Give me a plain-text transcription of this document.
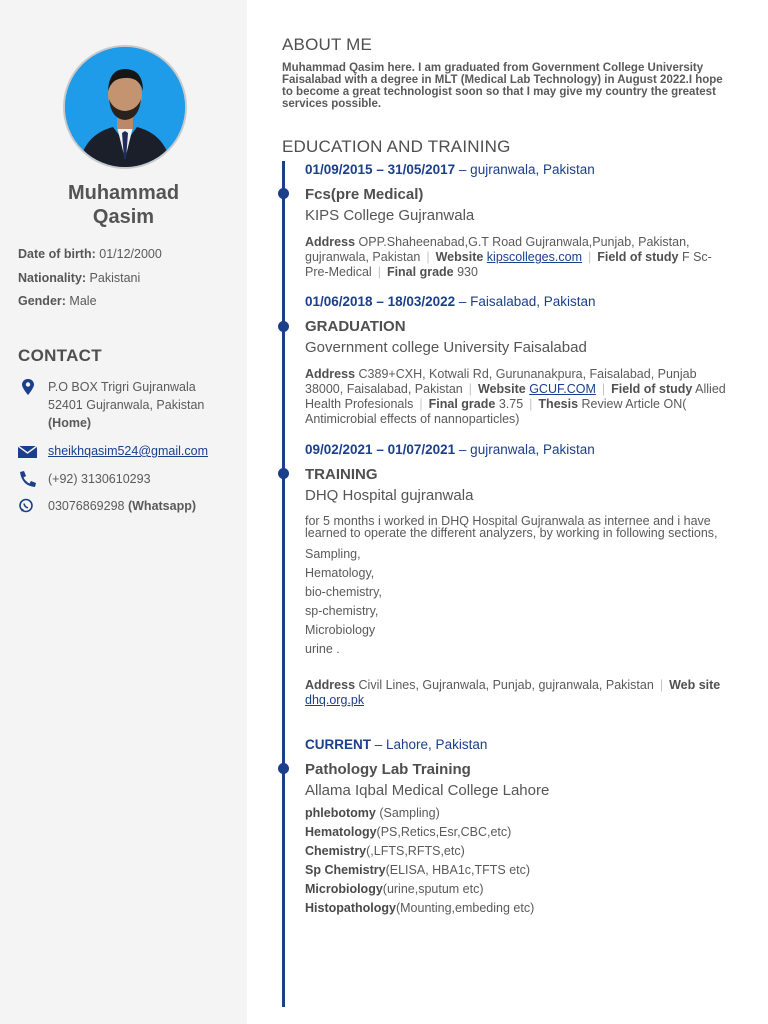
Muhammad
Qasim
Date of birth: 01/12/2000
Nationality: Pakistani
Gender: Male
CONTACT
P.O BOX Trigri Gujranwala
52401 Gujranwala, Pakistan
(Home)
sheikhqasim524@gmail.com
(+92) 3130610293
03076869298 (Whatsapp)
ABOUT ME
Muhammad Qasim here. I am graduated from Government College University Faisalabad with a degree in MLT (Medical Lab Technology) in August 2022.I hope to become a great technologist soon so that I may give my country the greatest services possible.
EDUCATION AND TRAINING
01/09/2015 – 31/05/2017 – gujranwala, Pakistan
Fcs(pre Medical)
KIPS College Gujranwala
Address OPP.Shaheenabad,G.T Road Gujranwala,Punjab, Pakistan, gujranwala, Pakistan | Website kipscolleges.com | Field of study F Sc-Pre-Medical | Final grade 930
01/06/2018 – 18/03/2022 – Faisalabad, Pakistan
GRADUATION
Government college University Faisalabad
Address C389+CXH, Kotwali Rd, Gurunanakpura, Faisalabad, Punjab 38000, Faisalabad, Pakistan | Website GCUF.COM | Field of study Allied Health Profesionals | Final grade 3.75 | Thesis Review Article ON( Antimicrobial effects of nannoparticles)
09/02/2021 – 01/07/2021 – gujranwala, Pakistan
TRAINING
DHQ Hospital gujranwala
for 5 months i worked in DHQ Hospital Gujranwala as internee and i have learned to operate the different analyzers, by working in following sections,
Sampling,
Hematology,
bio-chemistry,
sp-chemistry,
Microbiology
urine .
Address Civil Lines, Gujranwala, Punjab, gujranwala, Pakistan | Web site dhq.org.pk
CURRENT – Lahore, Pakistan
Pathology Lab Training
Allama Iqbal Medical College Lahore
phlebotomy (Sampling)
Hematology(PS,Retics,Esr,CBC,etc)
Chemistry(,LFTS,RFTS,etc)
Sp Chemistry(ELISA, HBA1c,TFTS etc)
Microbiology(urine,sputum etc)
Histopathology(Mounting,embeding etc)
